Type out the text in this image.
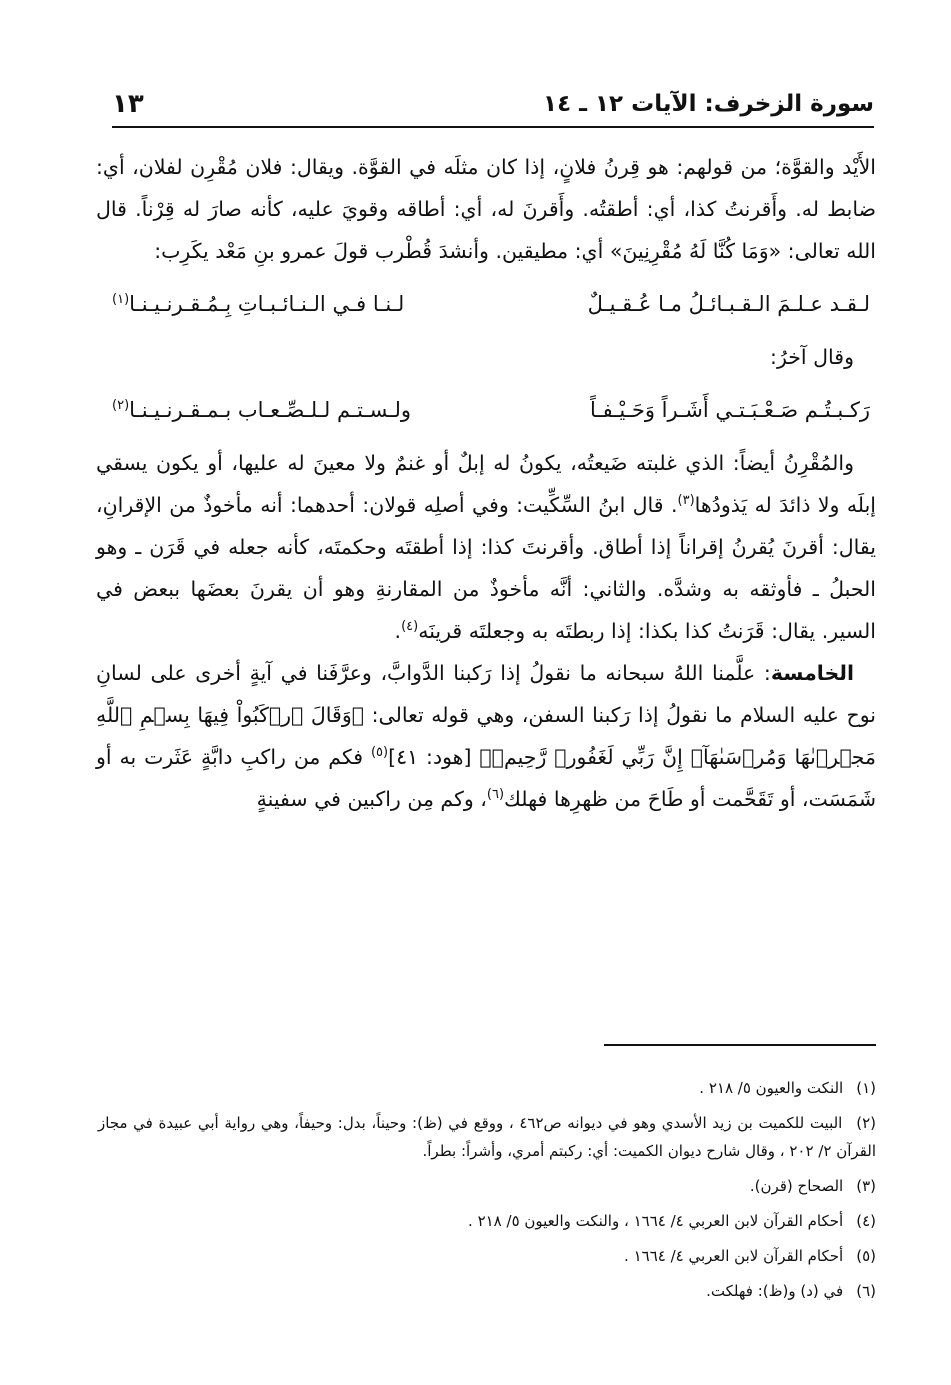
سورة الزخرف: الآيات ١٢ ـ ١٤
١٣

الأَيْد والقوَّة؛ من قولهم: هو قِرنُ فلانٍ، إذا كان مثلَه في القوَّة. ويقال: فلان مُقْرِن لفلان، أي: ضابط له. وأَقرنتُ كذا، أي: أطقتُه. وأَقرنَ له، أي: أطاقه وقويَ عليه، كأنه صارَ له قِرْناً. قال الله تعالى: «وَمَا كُنَّا لَهُ مُقْرِنِينَ» أي: مطيقين. وأنشدَ قُطْرب قولَ عمرو بنِ مَعْد يكَرِب:

لـقـد عـلـمَ الـقـبـائـلُ مـا عُـقـيـلٌ
لـنـا فـي الـنـائـبـاتِ بِـمُـقـرنـيـنـا$^{(١)}$

وقال آخرُ:

رَكـبـتُـم صَـعْـبَـتـي أَشَـراً وَحَـيْـفـاً
ولـسـتـم لـلـصِّـعـاب بـمـقـرنـيـنـا$^{(٢)}$

والمُقْرِنُ أيضاً: الذي غلبته ضَيعتُه، يكونُ له إبلٌ أو غنمٌ ولا معينَ له عليها، أو يكون يسقي إبلَه ولا ذائدَ له يَذودُها$^{(٣)}$. قال ابنُ السِّكِّيت: وفي أصلِه قولان: أحدهما: أنه مأخوذٌ من الإقرانِ، يقال: أقرنَ يُقرنُ إقراناً إذا أطاق. وأقرنتَ كذا: إذا أطقتَه وحكمتَه، كأنه جعله في قَرَن ـ وهو الحبلُ ـ فأوثقه به وشدَّه. والثاني: أنَّه مأخوذٌ من المقارنةِ وهو أن يقرنَ بعضَها ببعض في السير. يقال: قَرَنتُ كذا بكذا: إذا ربطتَه به وجعلتَه قرينَه$^{(٤)}$.

الخامسة: علَّمنا اللهُ سبحانه ما نقولُ إذا رَكبنا الدَّوابَّ، وعرَّفَنا في آيةٍ أخرى على لسانِ نوح عليه السلام ما نقولُ إذا رَكبنا السفن، وهي قوله تعالى: ﴿وَقَالَ ٱرۡكَبُواْ فِيهَا بِسۡمِ ٱللَّهِ مَجۡرٜىٰهَا وَمُرۡسَىٰهَآۚ إِنَّ رَبِّي لَغَفُورٞ رَّحِيمٞ﴾ [هود: ٤١]$^{(٥)}$ فكم من راكبِ دابَّةٍ عَثَرت به أو شَمَسَت، أو تَقَحَّمت أو طَاحَ من ظهرِها فهلك$^{(٦)}$، وكم مِن راكبين في سفينةٍ

(١) النكت والعيون ٥/ ٢١٨ .

(٢) البيت للكميت بن زيد الأسدي وهو في ديوانه ص٤٦٢ ، ووقع في (ظ): وحيناً، بدل: وحيفاً، وهي رواية أبي عبيدة في مجاز القرآن ٢/ ٢٠٢ ، وقال شارح ديوان الكميت: أي: ركبتم أمري، وأشراً: بطراً.

(٣) الصحاح (قرن).

(٤) أحكام القرآن لابن العربي ٤/ ١٦٦٤ ، والنكت والعيون ٥/ ٢١٨ .

(٥) أحكام القرآن لابن العربي ٤/ ١٦٦٤ .

(٦) في (د) و(ظ): فهلكت.
